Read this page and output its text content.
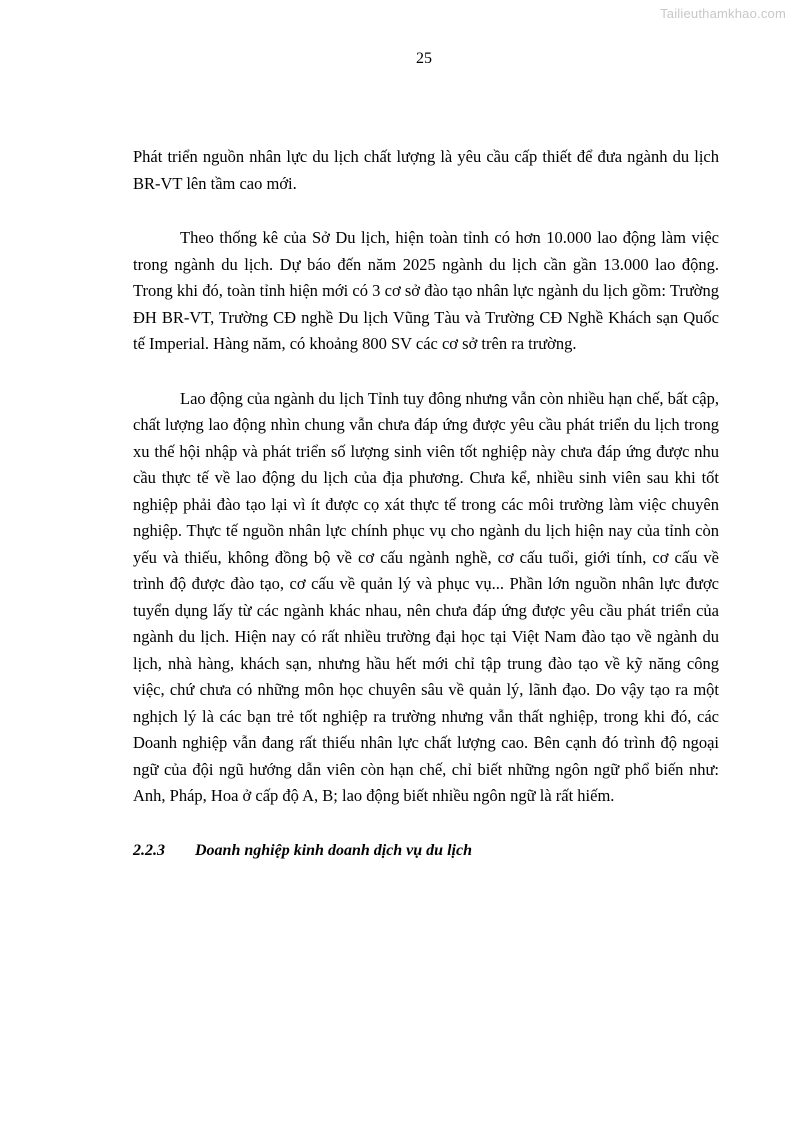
Tailieuthamkhao.com
25

Phát triển nguồn nhân lực du lịch chất lượng là yêu cầu cấp thiết để đưa ngành du lịch BR-VT lên tầm cao mới.

Theo thống kê của Sở Du lịch, hiện toàn tỉnh có hơn 10.000 lao động làm việc trong ngành du lịch. Dự báo đến năm 2025 ngành du lịch cần gần 13.000 lao động. Trong khi đó, toàn tỉnh hiện mới có 3 cơ sở đào tạo nhân lực ngành du lịch gồm: Trường ĐH BR-VT, Trường CĐ nghề Du lịch Vũng Tàu và Trường CĐ Nghề Khách sạn Quốc tế Imperial. Hàng năm, có khoảng 800 SV các cơ sở trên ra trường.

Lao động của ngành du lịch Tỉnh tuy đông nhưng vẫn còn nhiều hạn chế, bất cập, chất lượng lao động nhìn chung vẫn chưa đáp ứng được yêu cầu phát triển du lịch trong xu thế hội nhập và phát triển số lượng sinh viên tốt nghiệp này chưa đáp ứng được nhu cầu thực tế về lao động du lịch của địa phương. Chưa kể, nhiều sinh viên sau khi tốt nghiệp phải đào tạo lại vì ít được cọ xát thực tế trong các môi trường làm việc chuyên nghiệp. Thực tế nguồn nhân lực chính phục vụ cho ngành du lịch hiện nay của tỉnh còn yếu và thiếu, không đồng bộ về cơ cấu ngành nghề, cơ cấu tuổi, giới tính, cơ cấu về trình độ được đào tạo, cơ cấu về quản lý và phục vụ... Phần lớn nguồn nhân lực được tuyển dụng lấy từ các ngành khác nhau, nên chưa đáp ứng được yêu cầu phát triển của ngành du lịch. Hiện nay có rất nhiều trường đại học tại Việt Nam đào tạo về ngành du lịch, nhà hàng, khách sạn, nhưng hầu hết mới chỉ tập trung đào tạo về kỹ năng công việc, chứ chưa có những môn học chuyên sâu về quản lý, lãnh đạo. Do vậy tạo ra một nghịch lý là các bạn trẻ tốt nghiệp ra trường nhưng vẫn thất nghiệp, trong khi đó, các Doanh nghiệp vẫn đang rất thiếu nhân lực chất lượng cao. Bên cạnh đó trình độ ngoại ngữ của đội ngũ hướng dẫn viên còn hạn chế, chỉ biết những ngôn ngữ phổ biến như: Anh, Pháp, Hoa ở cấp độ A, B; lao động biết nhiều ngôn ngữ là rất hiếm.

2.2.3 Doanh nghiệp kinh doanh dịch vụ du lịch
